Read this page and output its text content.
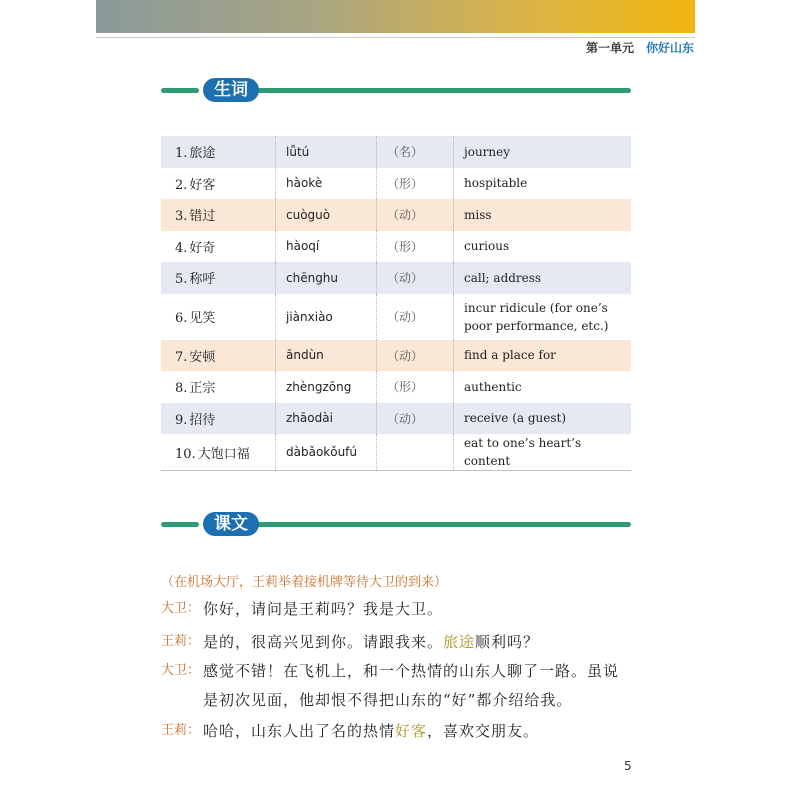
第一单元 你好山东
生词
1. 旅途	lǚtú	（名）	journey
2. 好客	hàokè	（形）	hospitable
3. 错过	cuòguò	（动）	miss
4. 好奇	hàoqí	（形）	curious
5. 称呼	chēnghu	（动）	call; address
6. 见笑	jiànxiào	（动）	incur ridicule (for one’s poor performance, etc.)
7. 安顿	āndùn	（动）	find a place for
8. 正宗	zhèngzōng	（形）	authentic
9. 招待	zhāodài	（动）	receive (a guest)
10. 大饱口福	dàbǎokǒufú		eat to one’s heart’s content
课文
（在机场大厅，王莉举着接机牌等待大卫的到来）
大卫： 你好，请问是王莉吗？我是大卫。
王莉： 是的，很高兴见到你。请跟我来。旅途顺利吗？
大卫： 感觉不错！在飞机上，和一个热情的山东人聊了一路。虽说是初次见面，他却恨不得把山东的“好”都介绍给我。
王莉： 哈哈，山东人出了名的热情好客，喜欢交朋友。
5
